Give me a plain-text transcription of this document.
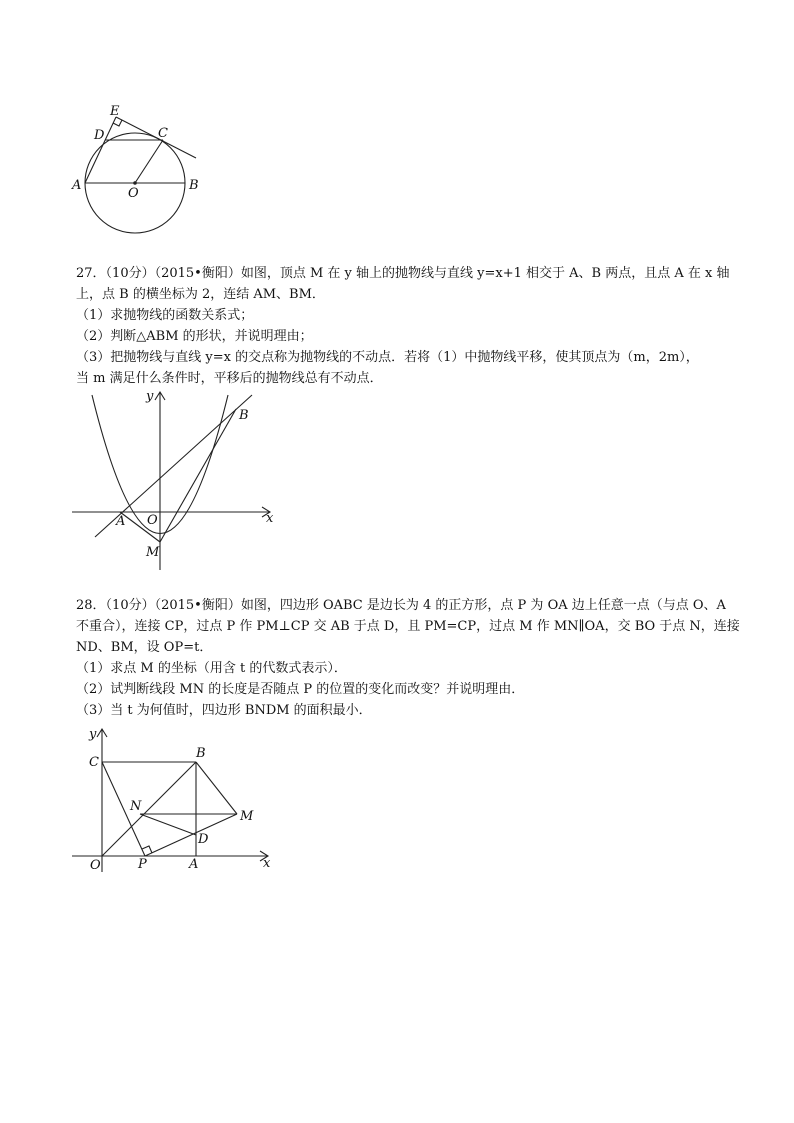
E
D	C
A
O
B

27．（10分）（2015•衡阳）如图，顶点 M 在 y 轴上的抛物线与直线 y=x+1 相交于 A、B 两点，且点 A 在 x 轴

上，点 B 的横坐标为 2，连结 AM、BM．

（1）求抛物线的函数关系式；

（2）判断△ABM 的形状，并说明理由；

（3）把抛物线与直线 y=x 的交点称为抛物线的不动点．若将（1）中抛物线平移，使其顶点为（m，2m），

当 m 满足什么条件时，平移后的抛物线总有不动点．

y
x
A O
M
B

28．（10分）（2015•衡阳）如图，四边形 OABC 是边长为 4 的正方形，点 P 为 OA 边上任意一点（与点 O、A

不重合），连接 CP，过点 P 作 PM⊥CP 交 AB 于点 D，且 PM=CP，过点 M 作 MN∥OA，交 BO 于点 N，连接

ND、BM，设 OP=t．

（1）求点 M 的坐标（用含 t 的代数式表示）．

（2）试判断线段 MN 的长度是否随点 P 的位置的变化而改变？并说明理由．

（3）当 t 为何值时，四边形 BNDM 的面积最小．

y
C
B
N
M
D
O	P	A	x
